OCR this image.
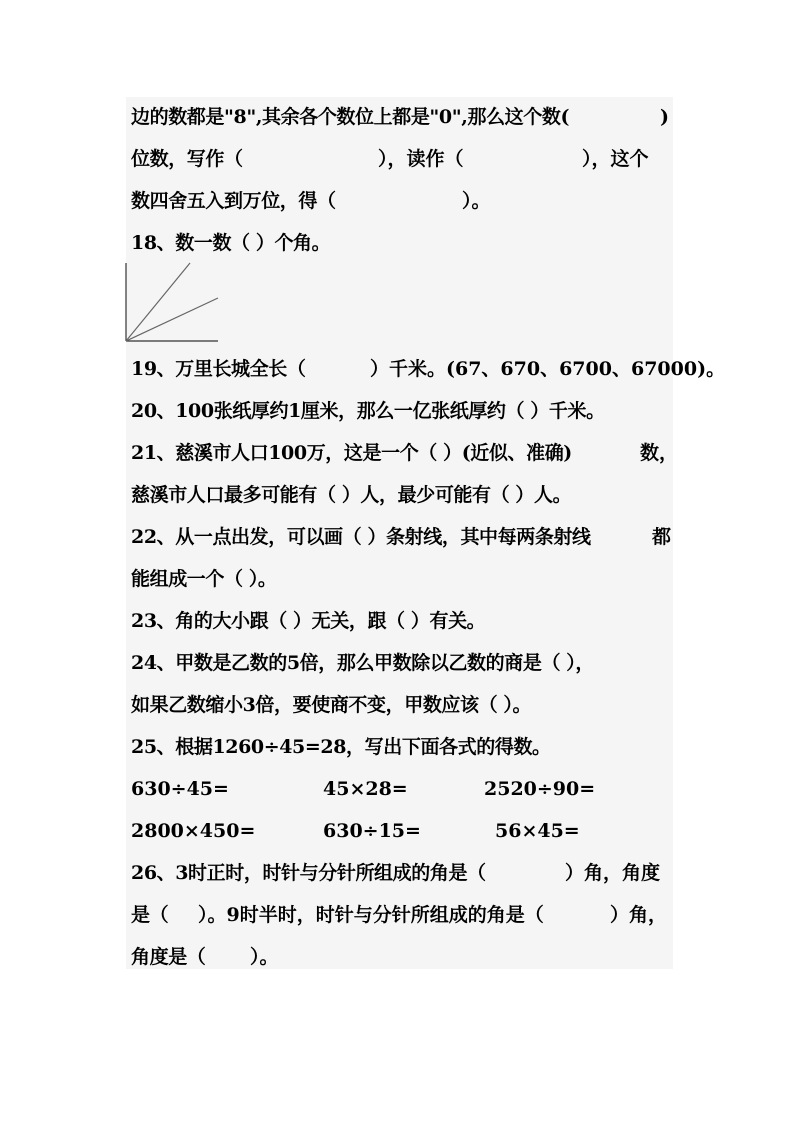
边的数都是"8",其余各个数位上都是"0",那么这个数(	)
位数，写作（	），读作（	），这个
数四舍五入到万位，得（	）。
18、数一数（ ）个角。
19、万里长城全长（	）千米。(67、670、6700、67000)。
20、100张纸厚约1厘米，那么一亿张纸厚约（ ）千米。
21、慈溪市人口100万，这是一个（ ）(近似、准确)	数，
慈溪市人口最多可能有（ ）人，最少可能有（ ）人。
22、从一点出发，可以画（ ）条射线，其中每两条射线	都
能组成一个（ ）。
23、角的大小跟（ ）无关，跟（ ）有关。
24、甲数是乙数的5倍，那么甲数除以乙数的商是（ ），
如果乙数缩小3倍，要使商不变，甲数应该（ ）。
25、根据1260÷45=28，写出下面各式的得数。
630÷45=	45×28=	2520÷90=
2800×450=	630÷15=	56×45=
26、3时正时，时针与分针所组成的角是（	）角，角度
是（ ）。9时半时，时针与分针所组成的角是（	）角，
角度是（ ）。
